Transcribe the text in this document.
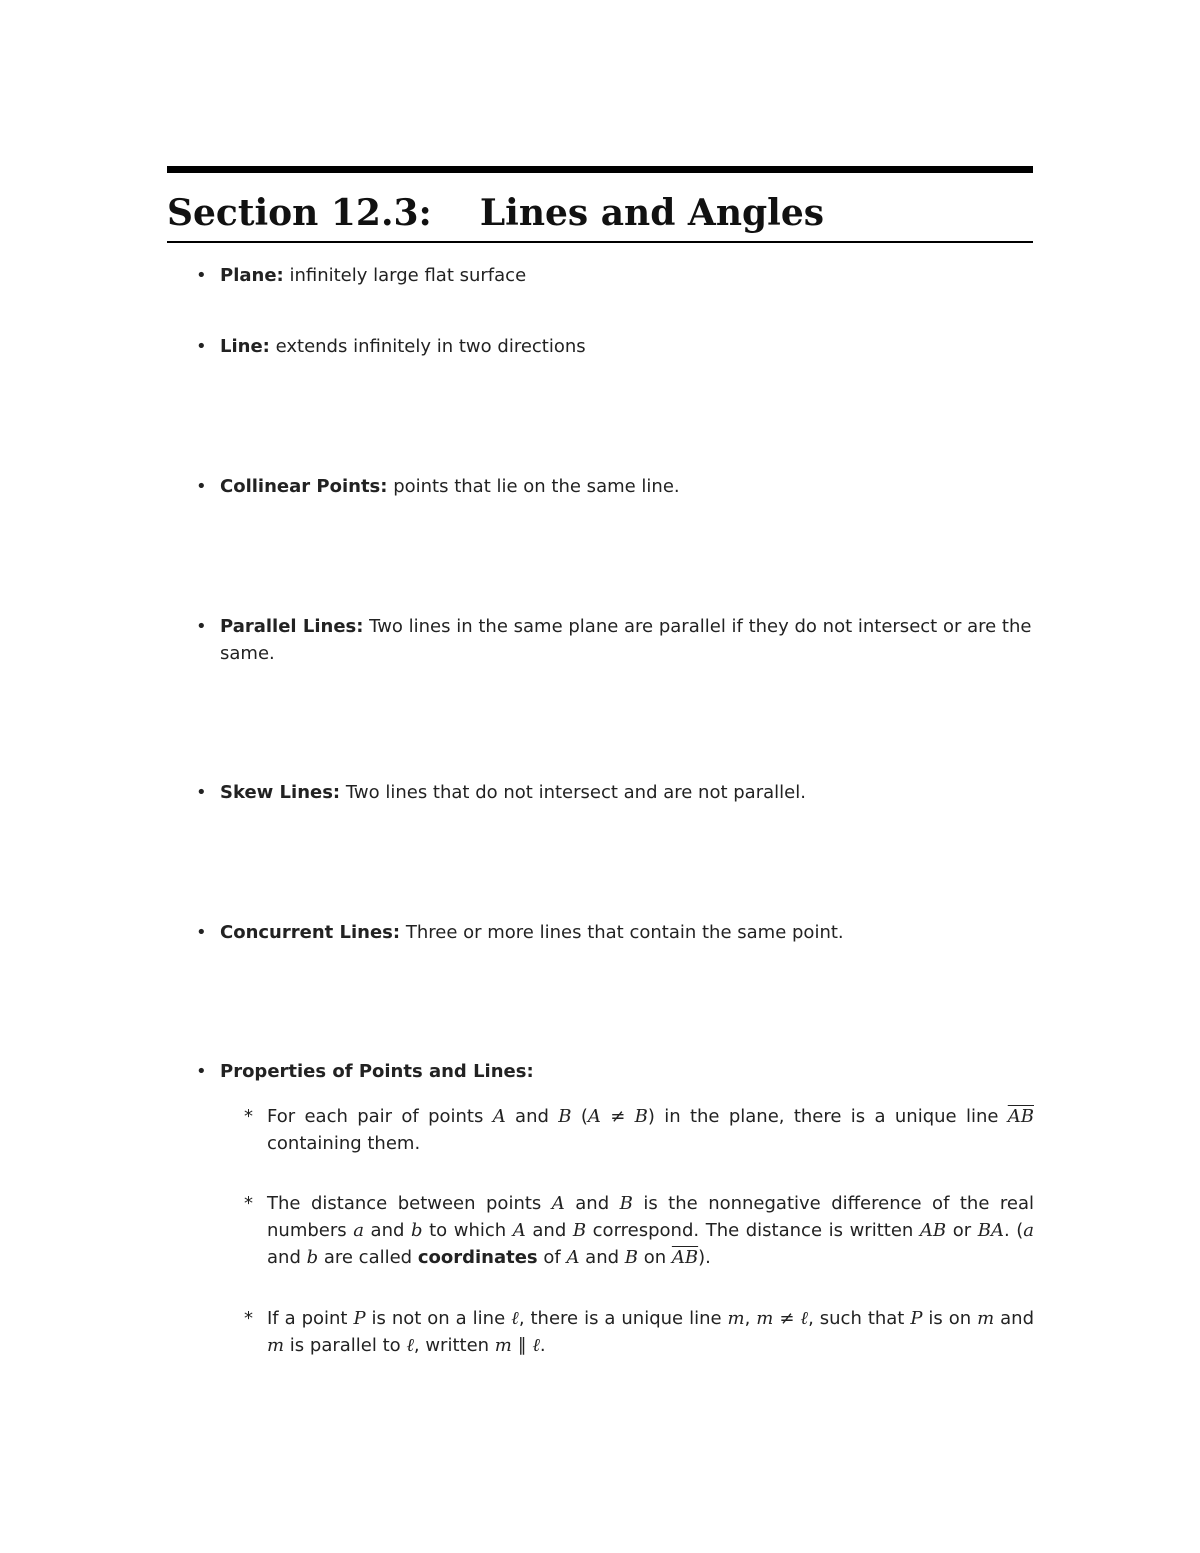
Section 12.3: Lines and Angles
• Plane: infinitely large flat surface
• Line: extends infinitely in two directions
• Collinear Points: points that lie on the same line.
• Parallel Lines: Two lines in the same plane are parallel if they do not intersect or are the same.
• Skew Lines: Two lines that do not intersect and are not parallel.
• Concurrent Lines: Three or more lines that contain the same point.
• Properties of Points and Lines:
* For each pair of points A and B (A ≠ B) in the plane, there is a unique line $\overline{AB}$ containing them.
* The distance between points A and B is the nonnegative difference of the real numbers a and b to which A and B correspond. The distance is written AB or BA. (a and b are called coordinates of A and B on $\overline{AB}$).
* If a point P is not on a line ℓ, there is a unique line m, m ≠ ℓ, such that P is on m and m is parallel to ℓ, written m ∥ ℓ.
